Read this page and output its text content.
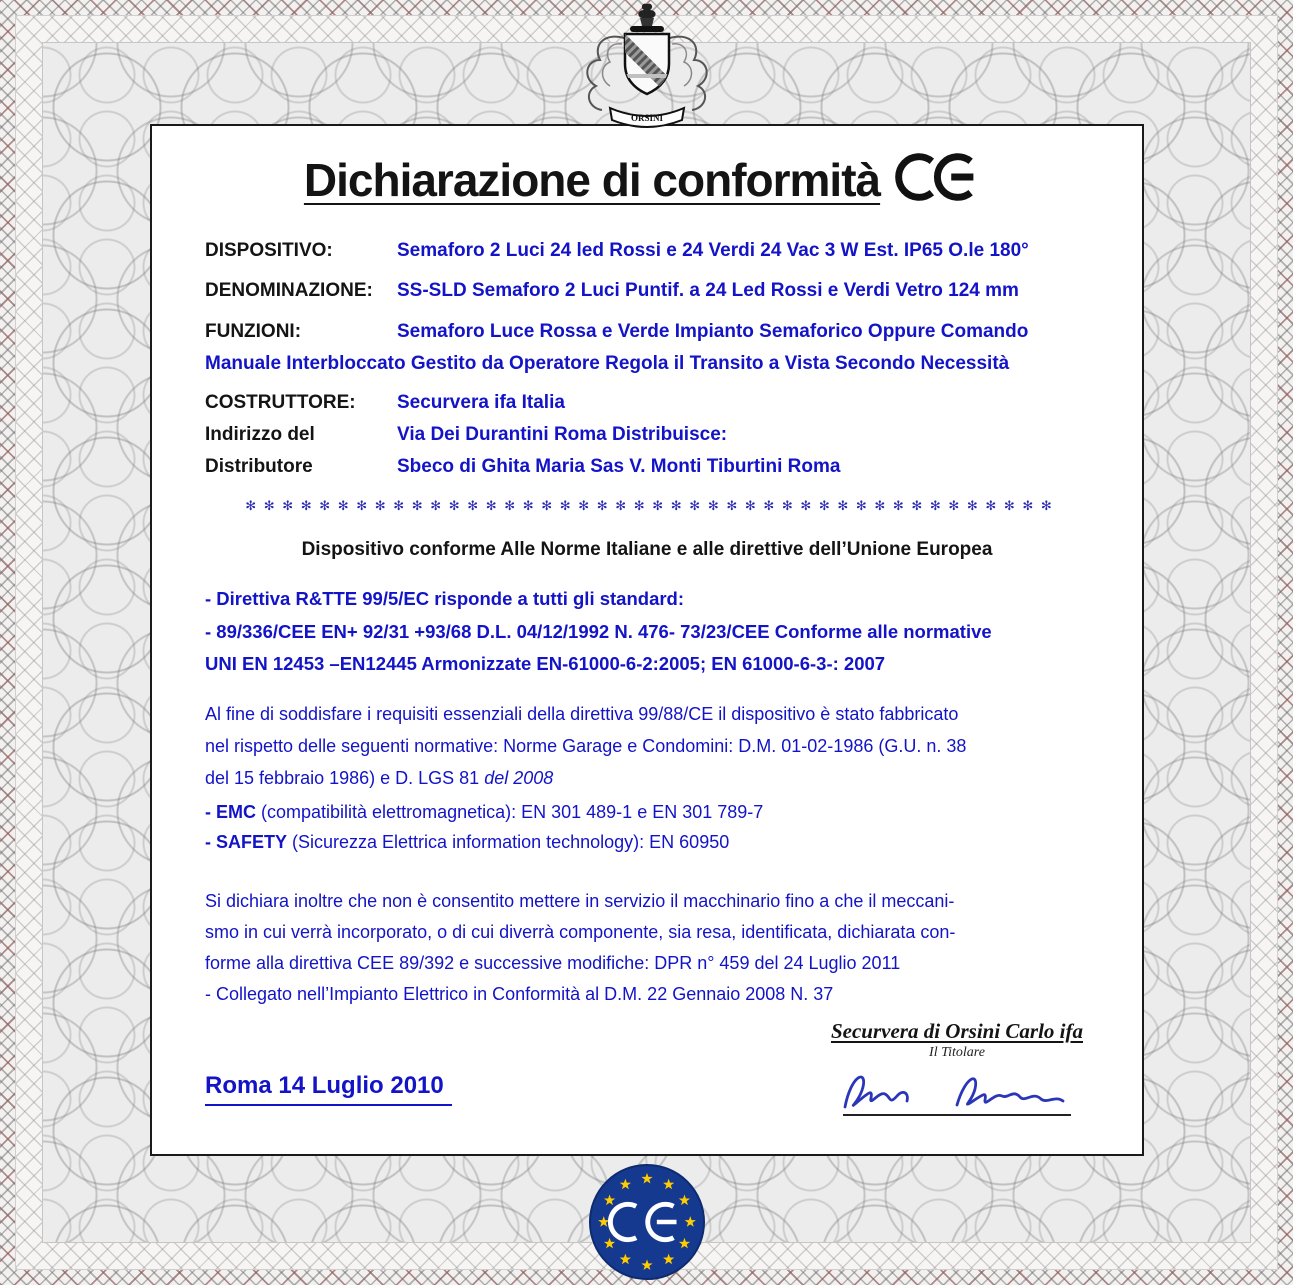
Dichiarazione di conformità
DISPOSITIVO:	Semaforo 2 Luci 24 led Rossi e 24 Verdi 24 Vac 3 W Est. IP65 O.le 180°
DENOMINAZIONE: SS-SLD Semaforo 2 Luci Puntif. a 24 Led Rossi e Verdi Vetro 124 mm
FUNZIONI:	Semaforo Luce Rossa e Verde Impianto Semaforico Oppure Comando
Manuale Interbloccato Gestito da Operatore Regola il Transito a Vista Secondo Necessità
COSTRUTTORE: Securvera ifa Italia
Indirizzo del	Via Dei Durantini Roma Distribuisce:
Distributore	Sbeco di Ghita Maria Sas V. Monti Tiburtini Roma
✻ ✻ ✻ ✻ ✻ ✻ ✻ ✻ ✻ ✻ ✻ ✻ ✻ ✻ ✻ ✻ ✻ ✻ ✻ ✻ ✻ ✻ ✻ ✻ ✻ ✻ ✻ ✻ ✻ ✻ ✻ ✻ ✻ ✻ ✻ ✻ ✻ ✻ ✻ ✻ ✻ ✻ ✻ ✻
Dispositivo conforme Alle Norme Italiane e alle direttive dell’Unione Europea
- Direttiva R&TTE 99/5/EC risponde a tutti gli standard:
- 89/336/CEE EN+ 92/31 +93/68 D.L. 04/12/1992 N. 476- 73/23/CEE Conforme alle normative
UNI EN 12453 –EN12445 Armonizzate EN-61000-6-2:2005; EN 61000-6-3-: 2007
Al fine di soddisfare i requisiti essenziali della direttiva 99/88/CE il dispositivo è stato fabbricato
nel rispetto delle seguenti normative: Norme Garage e Condomini: D.M. 01-02-1986 (G.U. n. 38
del 15 febbraio 1986) e D. LGS 81 del 2008
- EMC (compatibilità elettromagnetica): EN 301 489-1 e EN 301 789-7
- SAFETY (Sicurezza Elettrica information technology): EN 60950
Si dichiara inoltre che non è consentito mettere in servizio il macchinario fino a che il meccani-
smo in cui verrà incorporato, o di cui diverrà componente, sia resa, identificata, dichiarata con-
forme alla direttiva CEE 89/392 e successive modifiche: DPR n° 459 del 24 Luglio 2011
- Collegato nell’Impianto Elettrico in Conformità al D.M. 22 Gennaio 2008 N. 37
Securvera di Orsini Carlo ifa
Il Titolare
Roma 14 Luglio 2010
ORSINI
